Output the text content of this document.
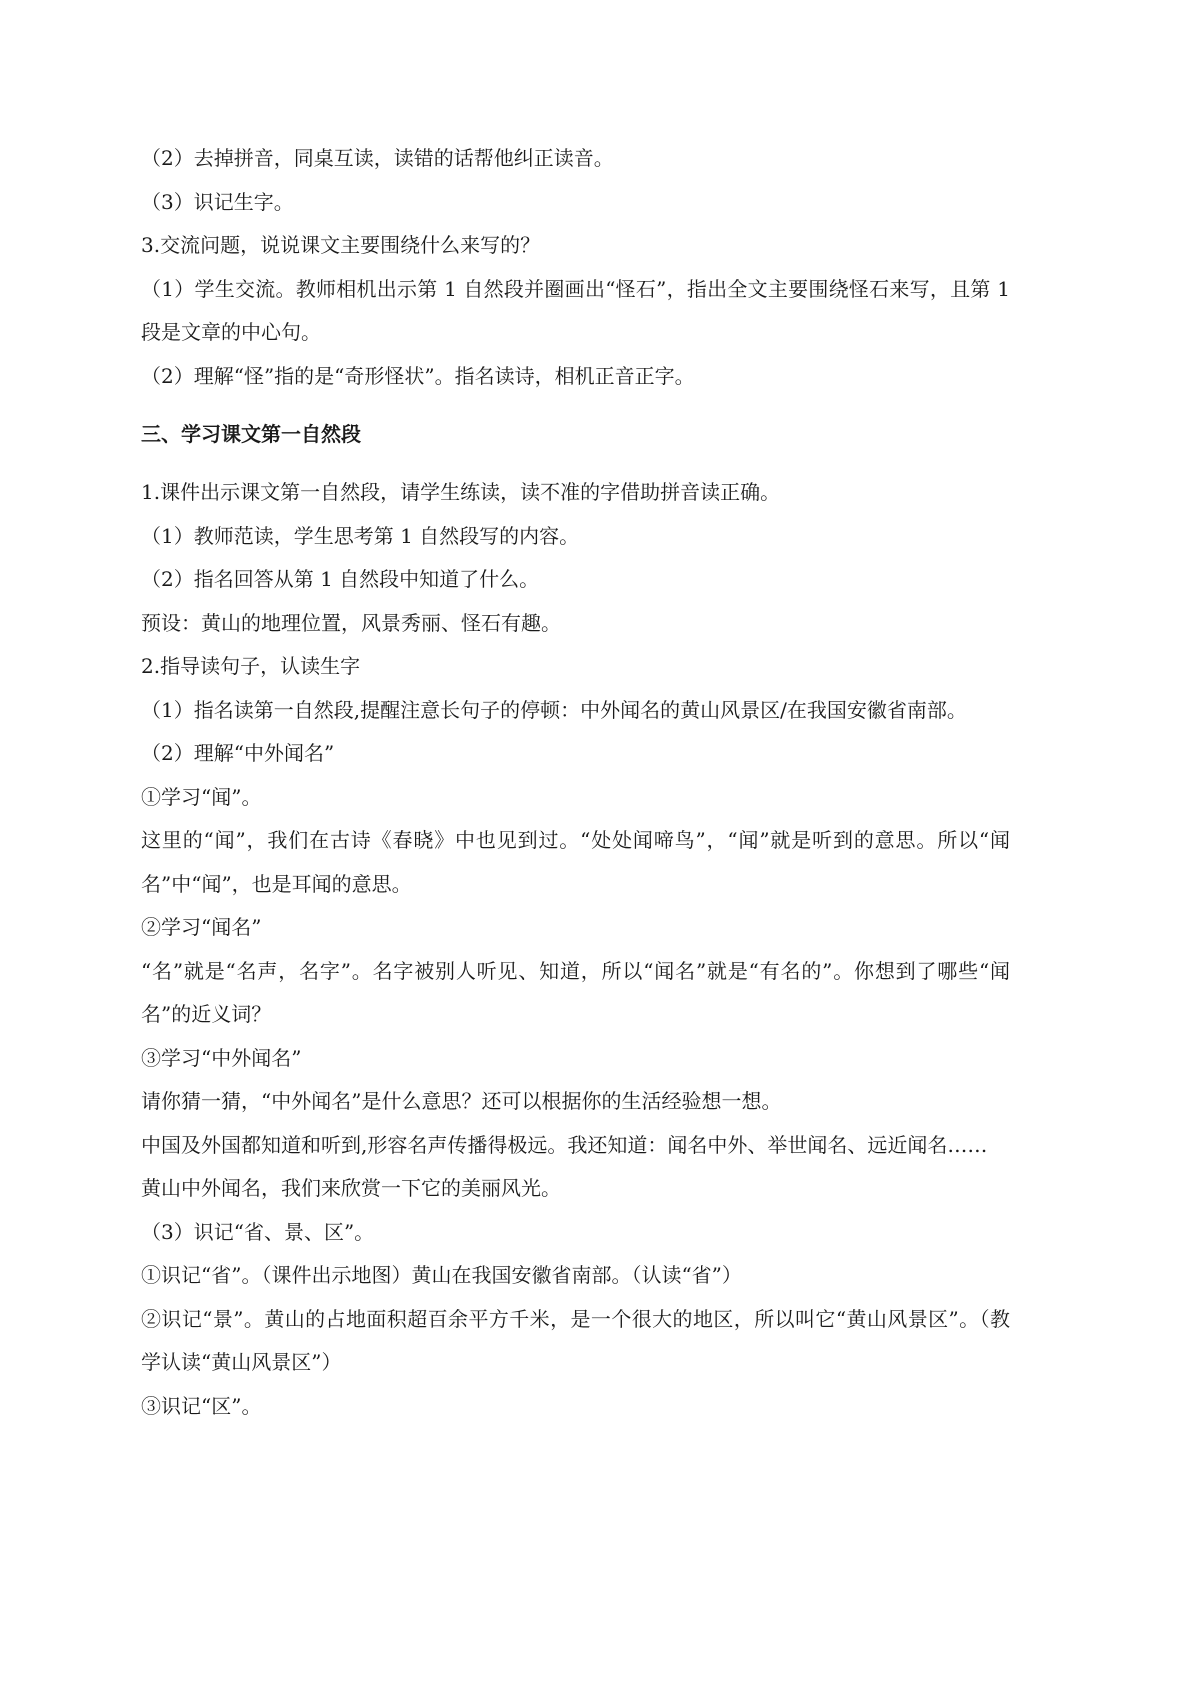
（2）去掉拼音，同桌互读，读错的话帮他纠正读音。

（3）识记生字。

3.交流问题，说说课文主要围绕什么来写的？

（1）学生交流。教师相机出示第 1 自然段并圈画出“怪石”，指出全文主要围绕怪石来写，且第 1 段是文章的中心句。

（2）理解“怪”指的是“奇形怪状”。指名读诗，相机正音正字。

三、学习课文第一自然段

1.课件出示课文第一自然段，请学生练读，读不准的字借助拼音读正确。

（1）教师范读，学生思考第 1 自然段写的内容。

（2）指名回答从第 1 自然段中知道了什么。

预设：黄山的地理位置，风景秀丽、怪石有趣。

2.指导读句子，认读生字

（1）指名读第一自然段,提醒注意长句子的停顿：中外闻名的黄山风景区/在我国安徽省南部。

（2）理解“中外闻名”

①学习“闻”。

这里的“闻”，我们在古诗《春晓》中也见到过。“处处闻啼鸟”，“闻”就是听到的意思。所以“闻名”中“闻”，也是耳闻的意思。

②学习“闻名”

“名”就是“名声，名字”。名字被别人听见、知道，所以“闻名”就是“有名的”。你想到了哪些“闻名”的近义词？

③学习“中外闻名”

请你猜一猜，“中外闻名”是什么意思？还可以根据你的生活经验想一想。

中国及外国都知道和听到,形容名声传播得极远。我还知道：闻名中外、举世闻名、远近闻名……

黄山中外闻名，我们来欣赏一下它的美丽风光。

（3）识记“省、景、区”。

①识记“省”。（课件出示地图）黄山在我国安徽省南部。（认读“省”）

②识记“景”。黄山的占地面积超百余平方千米，是一个很大的地区，所以叫它“黄山风景区”。（教学认读“黄山风景区”）

③识记“区”。
